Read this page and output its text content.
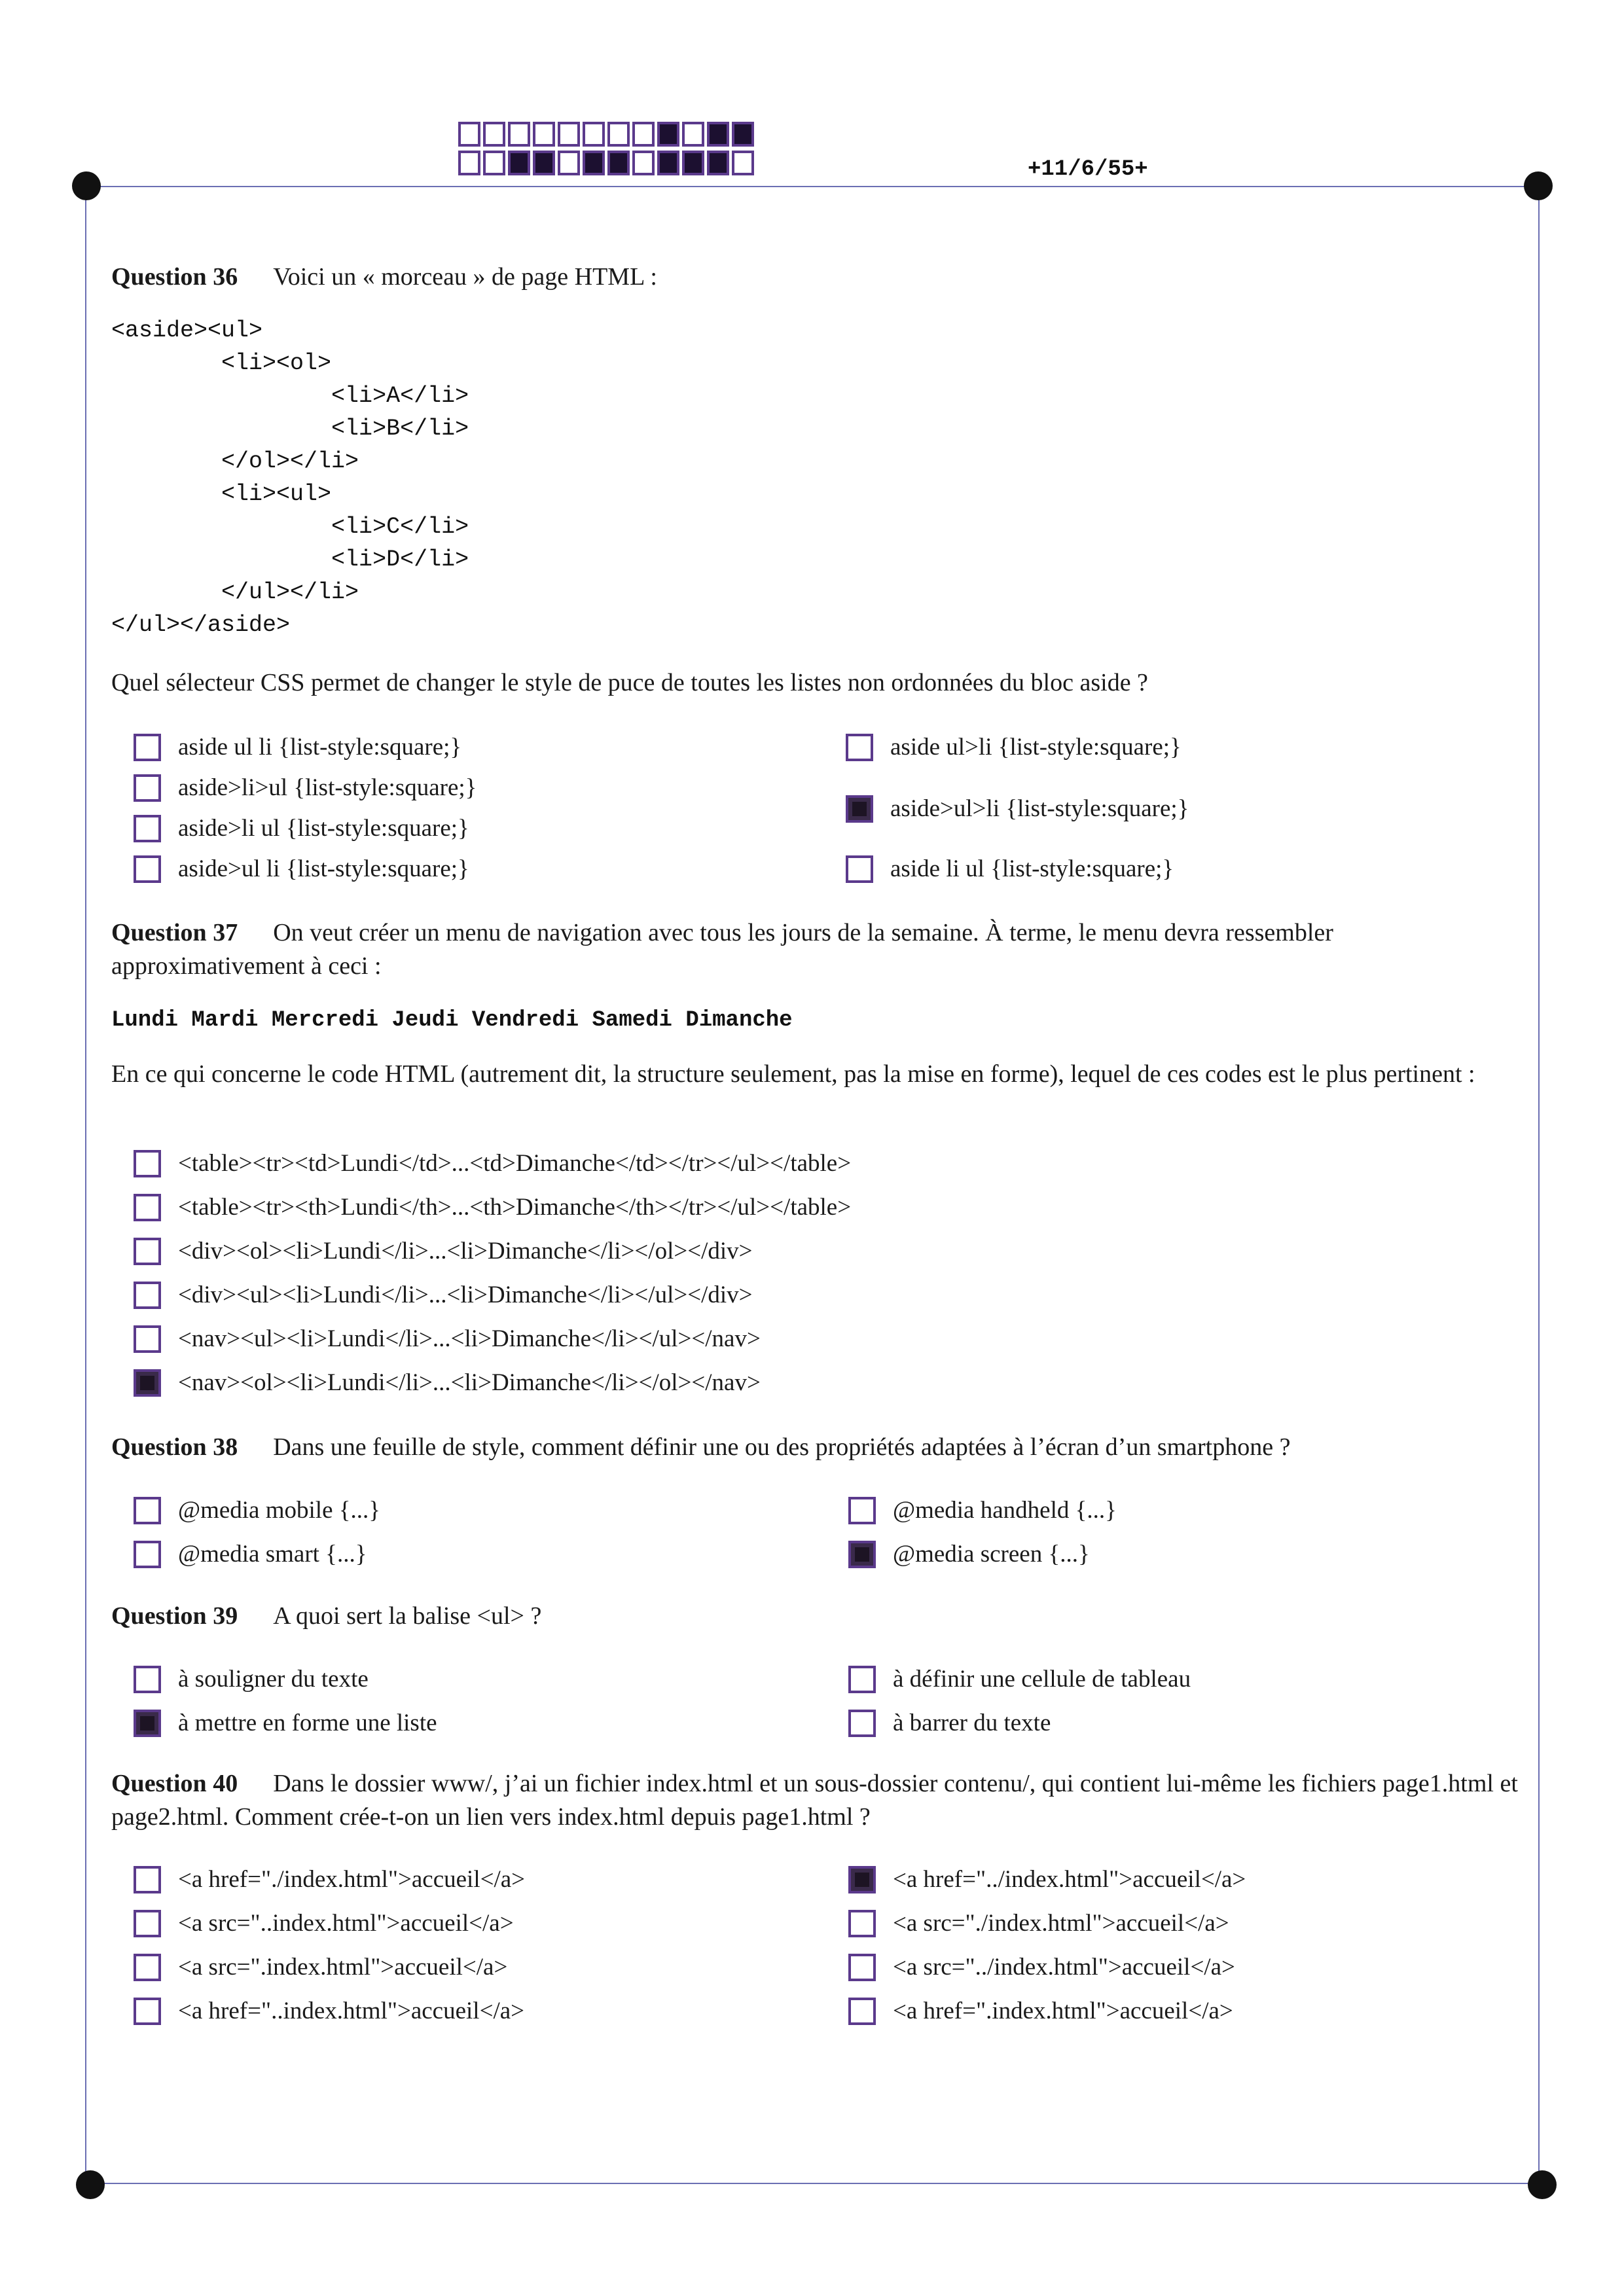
+11/6/55+
Question 36 Voici un « morceau » de page HTML :
<aside><ul>
<li><ol>
<li>A</li>
<li>B</li>
</ol></li>
<li><ul>
<li>C</li>
<li>D</li>
</ul></li>
</ul></aside>
Quel sélecteur CSS permet de changer le style de puce de toutes les listes non ordonnées du bloc aside ?
aside ul li {list-style:square;}
aside>li>ul {list-style:square;}
aside>li ul {list-style:square;}
aside>ul li {list-style:square;}
aside ul>li {list-style:square;}
aside>ul>li {list-style:square;}
aside li ul {list-style:square;}
Question 37 On veut créer un menu de navigation avec tous les jours de la semaine. À terme, le menu devra ressembler approximativement à ceci :
Lundi Mardi Mercredi Jeudi Vendredi Samedi Dimanche
En ce qui concerne le code HTML (autrement dit, la structure seulement, pas la mise en forme), lequel de ces codes est le plus pertinent :
<table><tr><td>Lundi</td>...<td>Dimanche</td></tr></ul></table>
<table><tr><th>Lundi</th>...<th>Dimanche</th></tr></ul></table>
<div><ol><li>Lundi</li>...<li>Dimanche</li></ol></div>
<div><ul><li>Lundi</li>...<li>Dimanche</li></ul></div>
<nav><ul><li>Lundi</li>...<li>Dimanche</li></ul></nav>
<nav><ol><li>Lundi</li>...<li>Dimanche</li></ol></nav>
Question 38 Dans une feuille de style, comment définir une ou des propriétés adaptées à l’écran d’un smartphone ?
@media mobile {...}
@media smart {...}
@media handheld {...}
@media screen {...}
Question 39 A quoi sert la balise <ul> ?
à souligner du texte
à mettre en forme une liste
à définir une cellule de tableau
à barrer du texte
Question 40 Dans le dossier www/, j’ai un fichier index.html et un sous-dossier contenu/, qui contient lui-même les fichiers page1.html et page2.html. Comment crée-t-on un lien vers index.html depuis page1.html ?
<a href="./index.html">accueil</a>
<a src="..index.html">accueil</a>
<a src=".index.html">accueil</a>
<a href="..index.html">accueil</a>
<a href="../index.html">accueil</a>
<a src="./index.html">accueil</a>
<a src="../index.html">accueil</a>
<a href=".index.html">accueil</a>
